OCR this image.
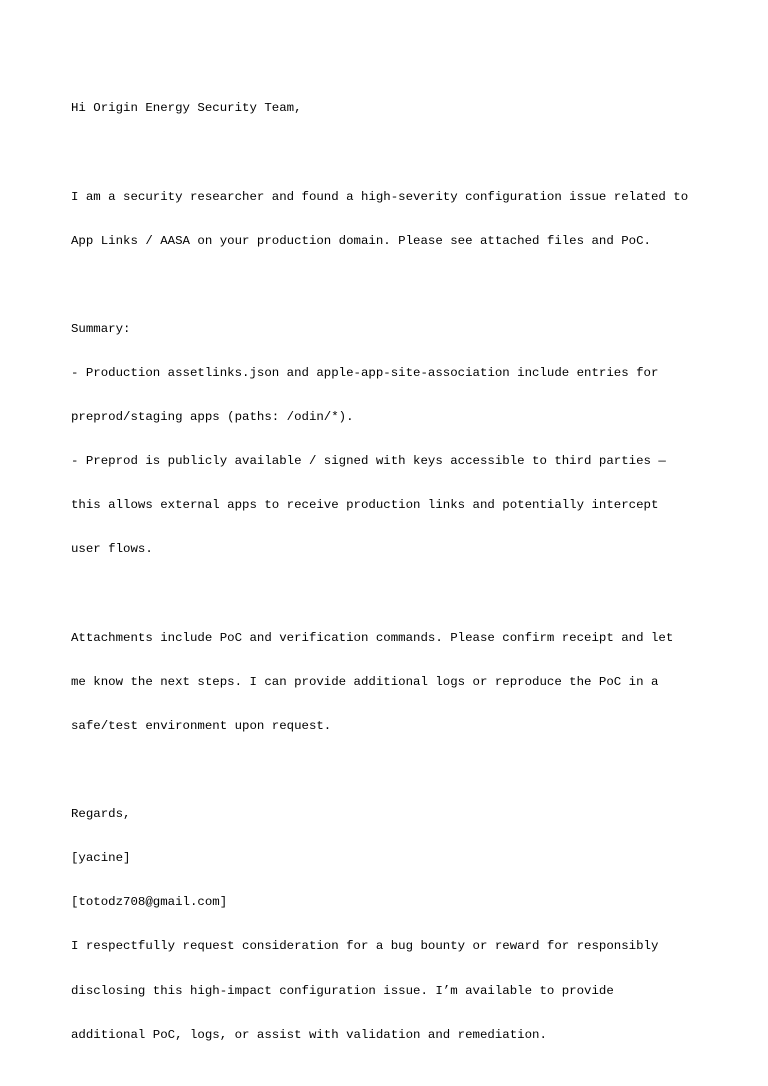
Hi Origin Energy Security Team,

I am a security researcher and found a high-severity configuration issue related to

App Links / AASA on your production domain. Please see attached files and PoC.

Summary:

- Production assetlinks.json and apple-app-site-association include entries for

preprod/staging apps (paths: /odin/*).

- Preprod is publicly available / signed with keys accessible to third parties —

this allows external apps to receive production links and potentially intercept

user flows.

Attachments include PoC and verification commands. Please confirm receipt and let

me know the next steps. I can provide additional logs or reproduce the PoC in a

safe/test environment upon request.

Regards,

[yacine]

[totodz708@gmail.com]

I respectfully request consideration for a bug bounty or reward for responsibly

disclosing this high-impact configuration issue. I’m available to provide

additional PoC, logs, or assist with validation and remediation.
